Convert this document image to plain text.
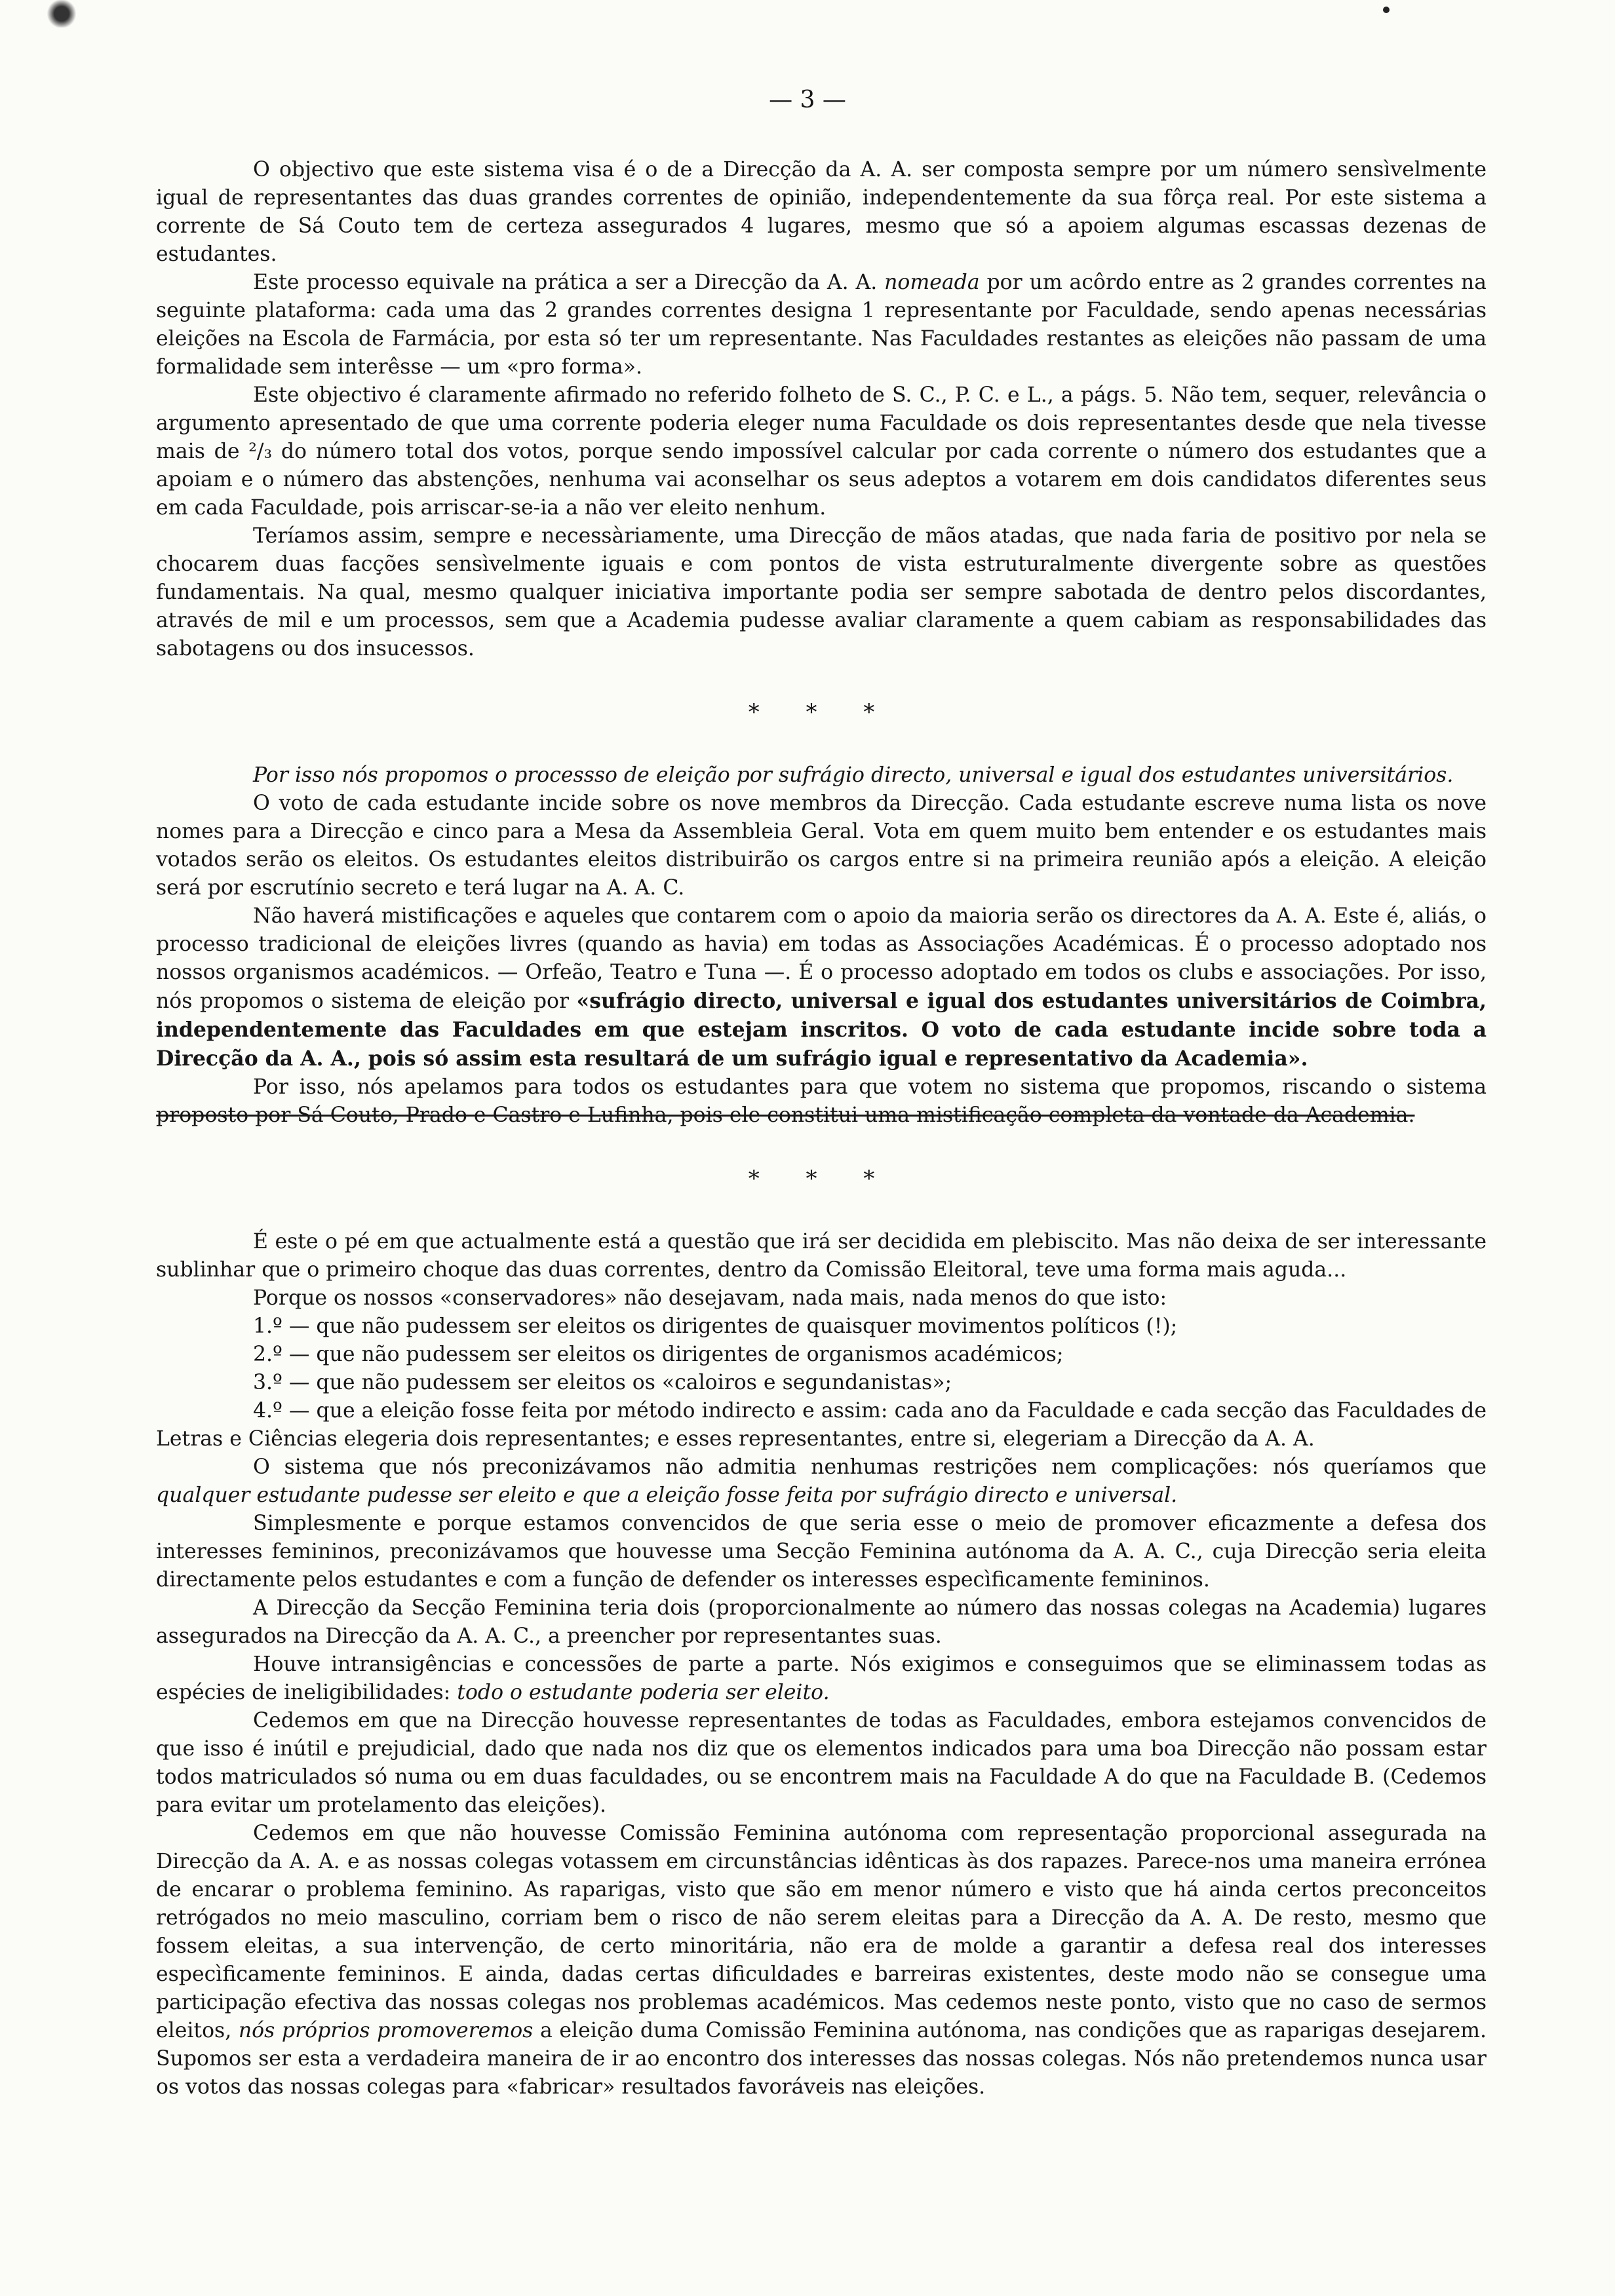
— 3 —

O objectivo que este sistema visa é o de a Direcção da A. A. ser composta sempre por um número sensìvelmente igual de representantes das duas grandes correntes de opinião, independentemente da sua fôrça real. Por este sistema a corrente de Sá Couto tem de certeza assegurados 4 lugares, mesmo que só a apoiem algumas escassas dezenas de estudantes.

Este processo equivale na prática a ser a Direcção da A. A. nomeada por um acôrdo entre as 2 grandes correntes na seguinte plataforma: cada uma das 2 grandes correntes designa 1 representante por Faculdade, sendo apenas necessárias eleições na Escola de Farmácia, por esta só ter um representante. Nas Faculdades restantes as eleições não passam de uma formalidade sem interêsse — um «pro forma».

Este objectivo é claramente afirmado no referido folheto de S. C., P. C. e L., a págs. 5. Não tem, sequer, relevância o argumento apresentado de que uma corrente poderia eleger numa Faculdade os dois representantes desde que nela tivesse mais de ²/₃ do número total dos votos, porque sendo impossível calcular por cada corrente o número dos estudantes que a apoiam e o número das abstenções, nenhuma vai aconselhar os seus adeptos a votarem em dois candidatos diferentes seus em cada Faculdade, pois arriscar-se-ia a não ver eleito nenhum.

Teríamos assim, sempre e necessàriamente, uma Direcção de mãos atadas, que nada faria de positivo por nela se chocarem duas facções sensìvelmente iguais e com pontos de vista estruturalmente divergente sobre as questões fundamentais. Na qual, mesmo qualquer iniciativa importante podia ser sempre sabotada de dentro pelos discordantes, através de mil e um processos, sem que a Academia pudesse avaliar claramente a quem cabiam as responsabilidades das sabotagens ou dos insucessos.

* * *

Por isso nós propomos o processso de eleição por sufrágio directo, universal e igual dos estudantes universitários.

O voto de cada estudante incide sobre os nove membros da Direcção. Cada estudante escreve numa lista os nove nomes para a Direcção e cinco para a Mesa da Assembleia Geral. Vota em quem muito bem entender e os estudantes mais votados serão os eleitos. Os estudantes eleitos distribuirão os cargos entre si na primeira reunião após a eleição. A eleição será por escrutínio secreto e terá lugar na A. A. C.

Não haverá mistificações e aqueles que contarem com o apoio da maioria serão os directores da A. A. Este é, aliás, o processo tradicional de eleições livres (quando as havia) em todas as Associações Académicas. É o processo adoptado nos nossos organismos académicos. — Orfeão, Teatro e Tuna —. É o processo adoptado em todos os clubs e associações. Por isso, nós propomos o sistema de eleição por «sufrágio directo, universal e igual dos estudantes universitários de Coimbra, independentemente das Faculdades em que estejam inscritos. O voto de cada estudante incide sobre toda a Direcção da A. A., pois só assim esta resultará de um sufrágio igual e representativo da Academia».

Por isso, nós apelamos para todos os estudantes para que votem no sistema que propomos, riscando o sistema proposto por Sá Couto, Prado e Castro e Lufinha, pois ele constitui uma mistificação completa da vontade da Academia.

* * *

É este o pé em que actualmente está a questão que irá ser decidida em plebiscito. Mas não deixa de ser interessante sublinhar que o primeiro choque das duas correntes, dentro da Comissão Eleitoral, teve uma forma mais aguda...

Porque os nossos «conservadores» não desejavam, nada mais, nada menos do que isto:

1.º — que não pudessem ser eleitos os dirigentes de quaisquer movimentos políticos (!);

2.º — que não pudessem ser eleitos os dirigentes de organismos académicos;

3.º — que não pudessem ser eleitos os «caloiros e segundanistas»;

4.º — que a eleição fosse feita por método indirecto e assim: cada ano da Faculdade e cada secção das Faculdades de Letras e Ciências elegeria dois representantes; e esses representantes, entre si, elegeriam a Direcção da A. A.

O sistema que nós preconizávamos não admitia nenhumas restrições nem complicações: nós queríamos que qualquer estudante pudesse ser eleito e que a eleição fosse feita por sufrágio directo e universal.

Simplesmente e porque estamos convencidos de que seria esse o meio de promover eficazmente a defesa dos interesses femininos, preconizávamos que houvesse uma Secção Feminina autónoma da A. A. C., cuja Direcção seria eleita directamente pelos estudantes e com a função de defender os interesses especìficamente femininos.

A Direcção da Secção Feminina teria dois (proporcionalmente ao número das nossas colegas na Academia) lugares assegurados na Direcção da A. A. C., a preencher por representantes suas.

Houve intransigências e concessões de parte a parte. Nós exigimos e conseguimos que se eliminassem todas as espécies de ineligibilidades: todo o estudante poderia ser eleito.

Cedemos em que na Direcção houvesse representantes de todas as Faculdades, embora estejamos convencidos de que isso é inútil e prejudicial, dado que nada nos diz que os elementos indicados para uma boa Direcção não possam estar todos matriculados só numa ou em duas faculdades, ou se encontrem mais na Faculdade A do que na Faculdade B. (Cedemos para evitar um protelamento das eleições).

Cedemos em que não houvesse Comissão Feminina autónoma com representação proporcional assegurada na Direcção da A. A. e as nossas colegas votassem em circunstâncias idênticas às dos rapazes. Parece-nos uma maneira errónea de encarar o problema feminino. As raparigas, visto que são em menor número e visto que há ainda certos preconceitos retrógados no meio masculino, corriam bem o risco de não serem eleitas para a Direcção da A. A. De resto, mesmo que fossem eleitas, a sua intervenção, de certo minoritária, não era de molde a garantir a defesa real dos interesses especìficamente femininos. E ainda, dadas certas dificuldades e barreiras existentes, deste modo não se consegue uma participação efectiva das nossas colegas nos problemas académicos. Mas cedemos neste ponto, visto que no caso de sermos eleitos, nós próprios promoveremos a eleição duma Comissão Feminina autónoma, nas condições que as raparigas desejarem. Supomos ser esta a verdadeira maneira de ir ao encontro dos interesses das nossas colegas. Nós não pretendemos nunca usar os votos das nossas colegas para «fabricar» resultados favoráveis nas eleições.
